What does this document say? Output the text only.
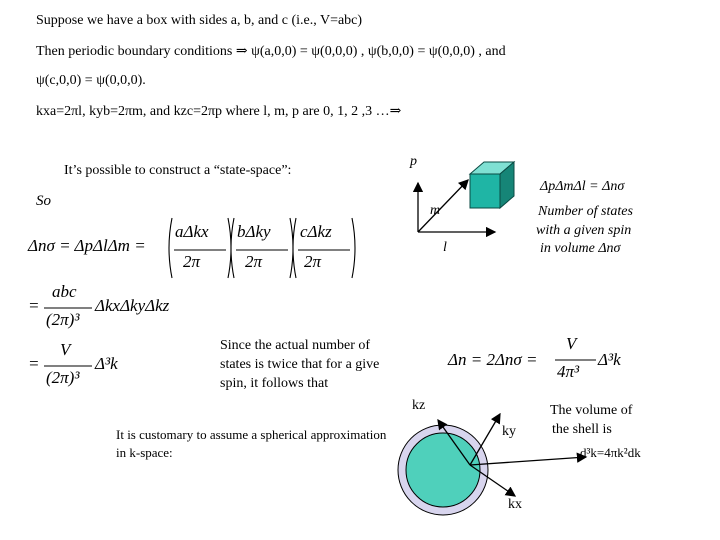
Suppose we have a box with sides a, b, and c (i.e., V=abc)
Then periodic boundary conditions ⇒ ψ(a,0,0) = ψ(0,0,0) , ψ(b,0,0) = ψ(0,0,0) , and
ψ(c,0,0) = ψ(0,0,0).
kxa=2πl, kyb=2πm, and kzc=2πp where l, m, p are 0, 1, 2 ,3 …⇒
It’s possible to construct a “state-space”:
So
p
m
l
ΔpΔmΔl = Δnσ
Number of states
with a given spin
in volume Δnσ
Δnσ = ΔpΔlΔm =
aΔkx
2π
bΔky
2π
cΔkz
2π
=
abc
(2π)³
ΔkxΔkyΔkz
=
V
(2π)³
Δ³k
Since the actual number of
states is twice that for a give
spin, it follows that
Δn = 2Δnσ =
V
4π³
Δ³k
It is customary to assume a spherical approximation
in k-space:
kz
ky
kx
The volume of
the shell is
d³k=4πk²dk
